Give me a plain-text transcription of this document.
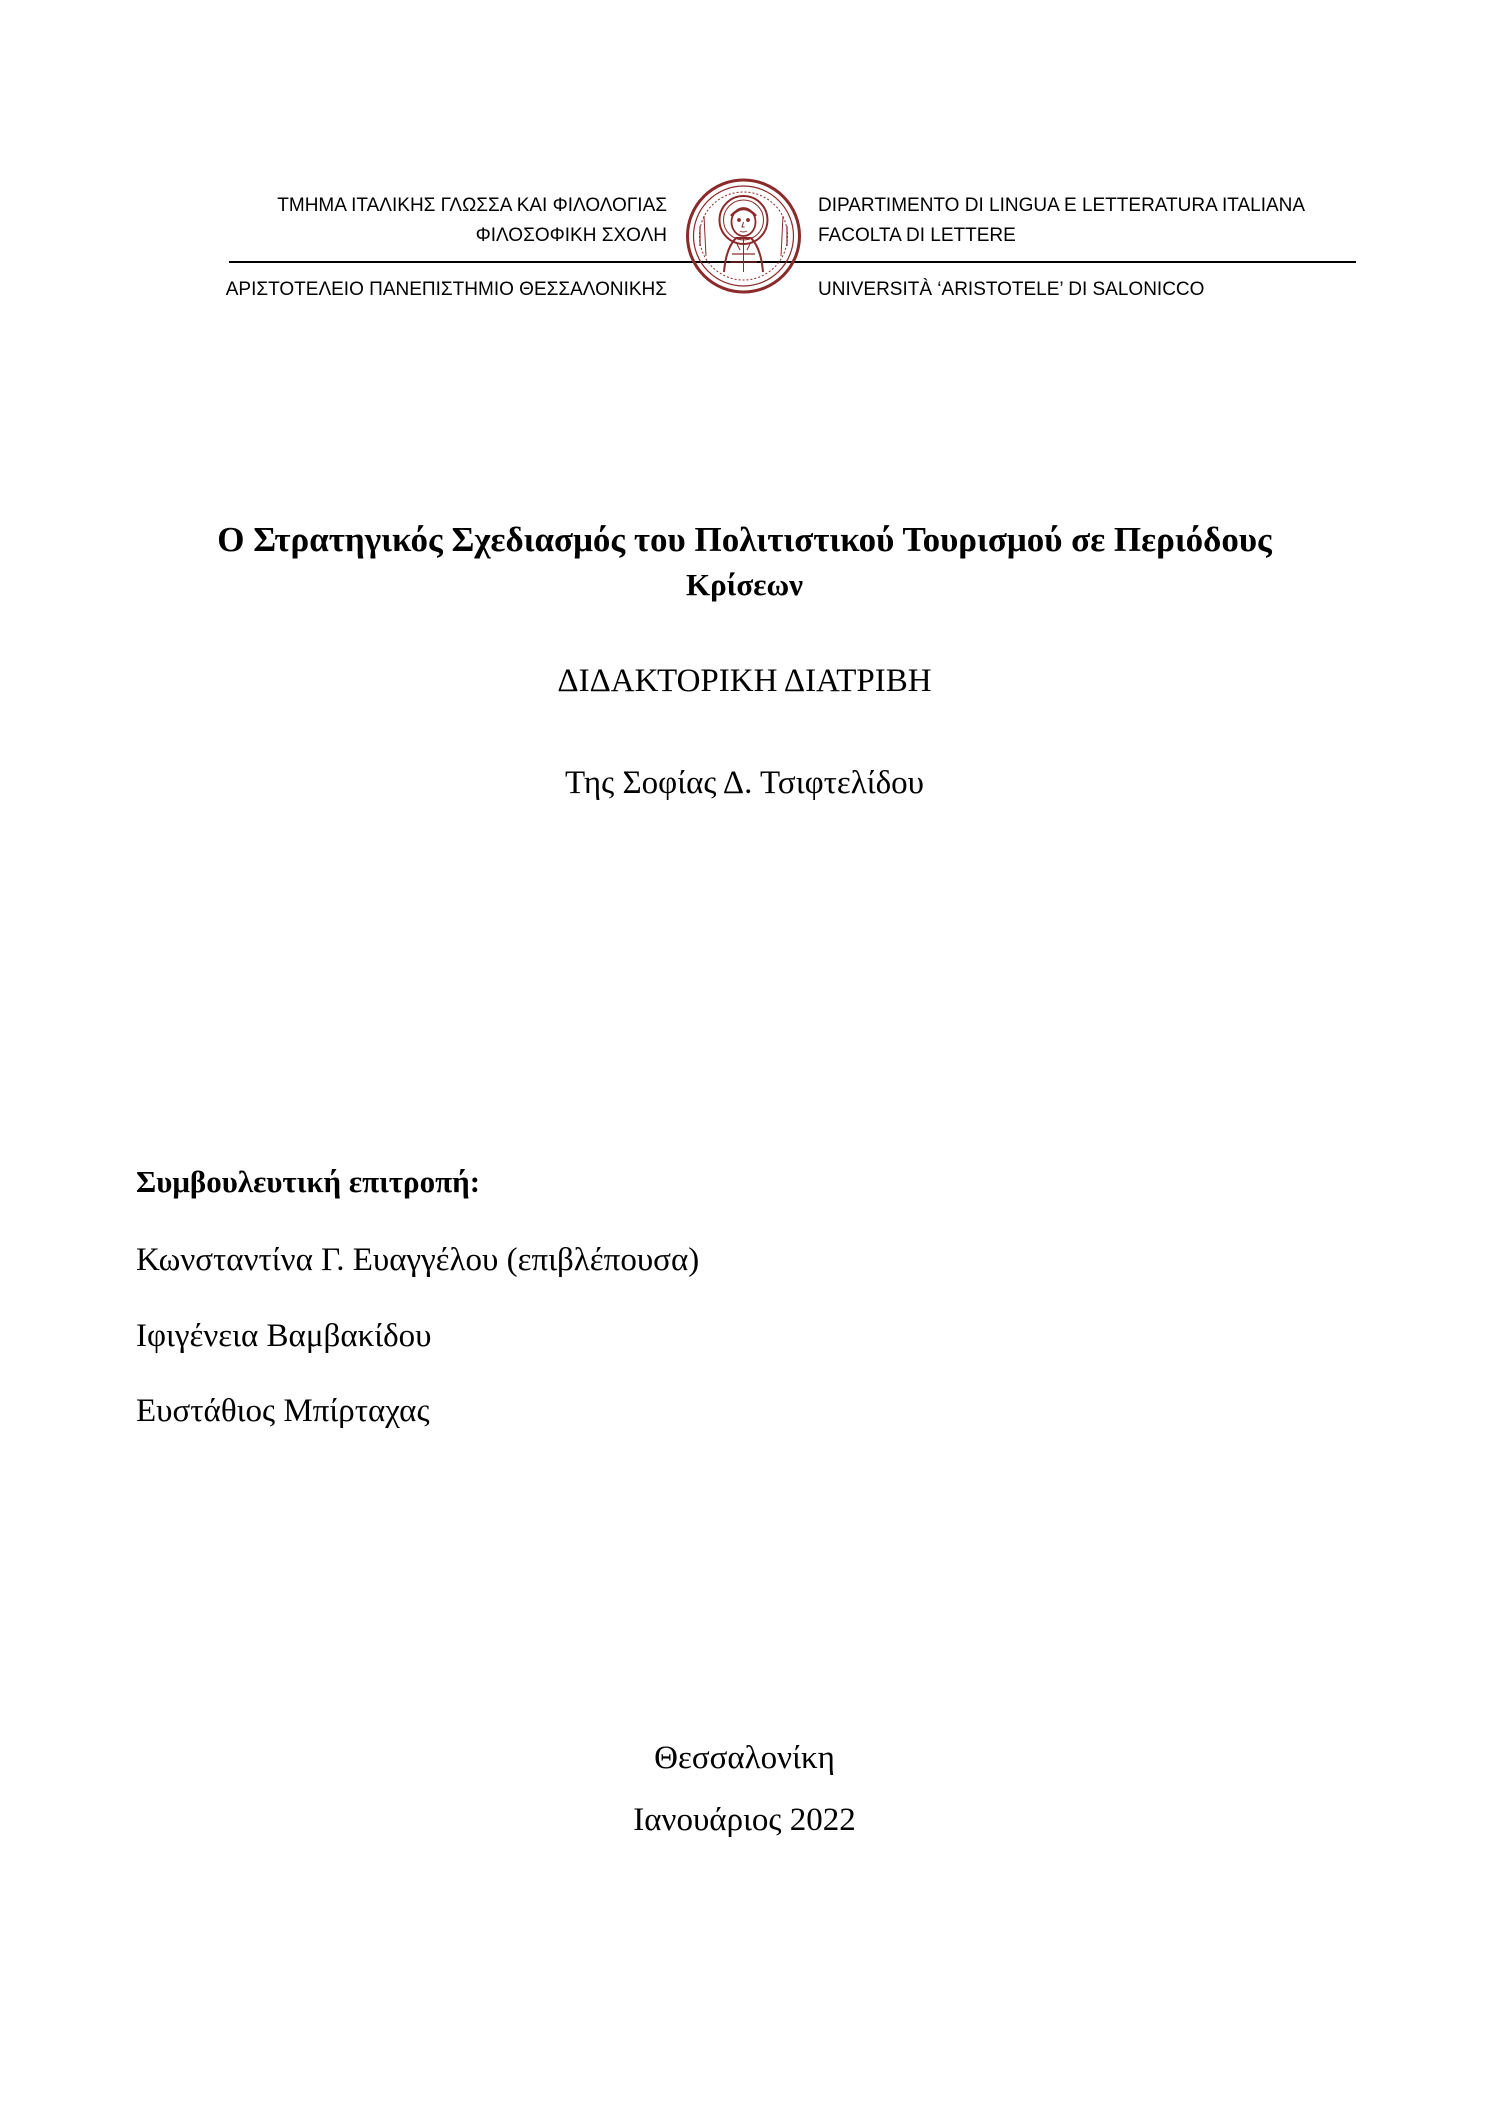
ΤΜΗΜΑ ΙΤΑΛΙΚΗΣ ΓΛΩΣΣΑ ΚΑΙ ΦΙΛΟΛΟΓΙΑΣ
ΦΙΛΟΣΟΦΙΚΗ ΣΧΟΛΗ
ΑΡΙΣΤΟΤΕΛΕΙΟ ΠΑΝΕΠΙΣΤΗΜΙΟ ΘΕΣΣΑΛΟΝΙΚΗΣ
DIPARTIMENTO DI LINGUA E LETTERATURA ITALIANA
FACOLTA DI LETTERE
UNIVERSITÀ ‘ARISTOTELE’ DI SALONICCO
Ο Στρατηγικός Σχεδιασμός του Πολιτιστικού Τουρισμού σε Περιόδους
Κρίσεων
ΔΙΔΑΚΤΟΡΙΚΗ ΔΙΑΤΡΙΒΗ
Της Σοφίας Δ. Τσιφτελίδου
Συμβουλευτική επιτροπή:
Κωνσταντίνα Γ. Ευαγγέλου (επιβλέπουσα)
Ιφιγένεια Βαμβακίδου
Ευστάθιος Μπίρταχας
Θεσσαλονίκη
Ιανουάριος 2022
